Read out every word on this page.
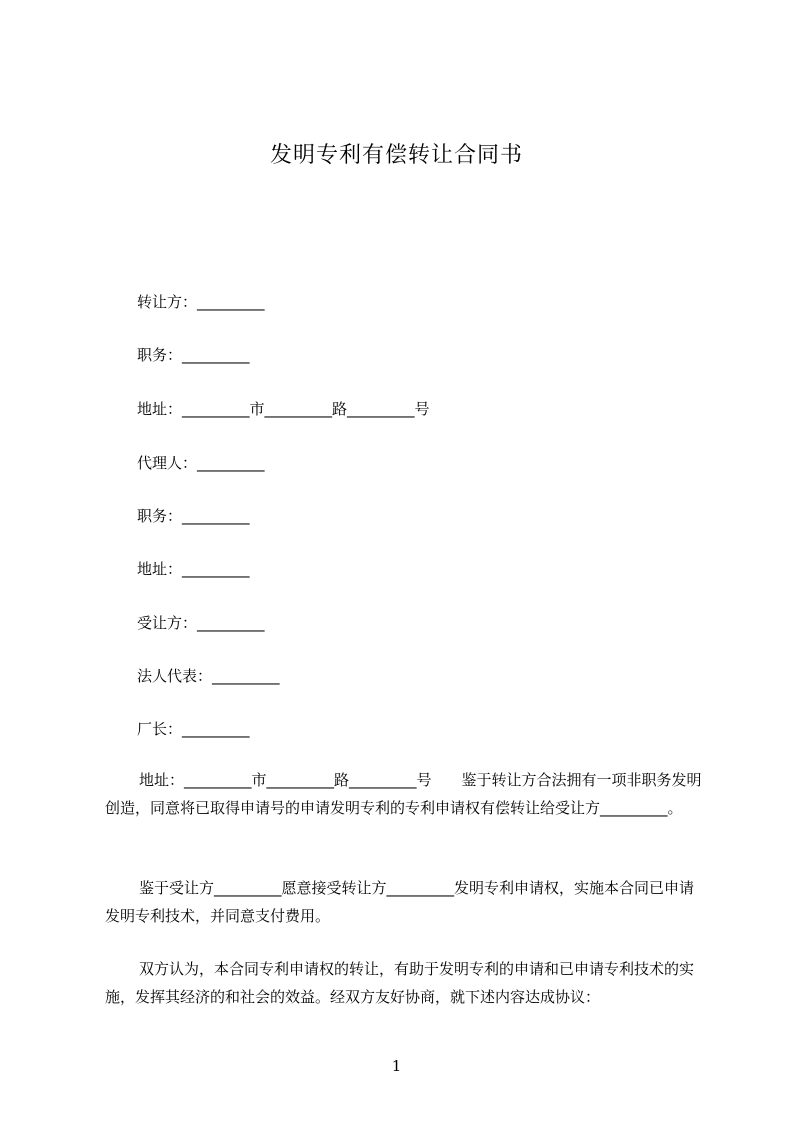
发明专利有偿转让合同书
转让方：_________
职务：_________
地址：_________市_________路_________号
代理人：_________
职务：_________
地址：_________
受让方：_________
法人代表：_________
厂长：_________
地址：_________市_________路_________号　　鉴于转让方合法拥有一项非职务发明创造，同意将已取得申请号的申请发明专利的专利申请权有偿转让给受让方_________。
鉴于受让方_________愿意接受转让方_________发明专利申请权，实施本合同已申请发明专利技术，并同意支付费用。
双方认为，本合同专利申请权的转让，有助于发明专利的申请和已申请专利技术的实施，发挥其经济的和社会的效益。经双方友好协商，就下述内容达成协议：
1
